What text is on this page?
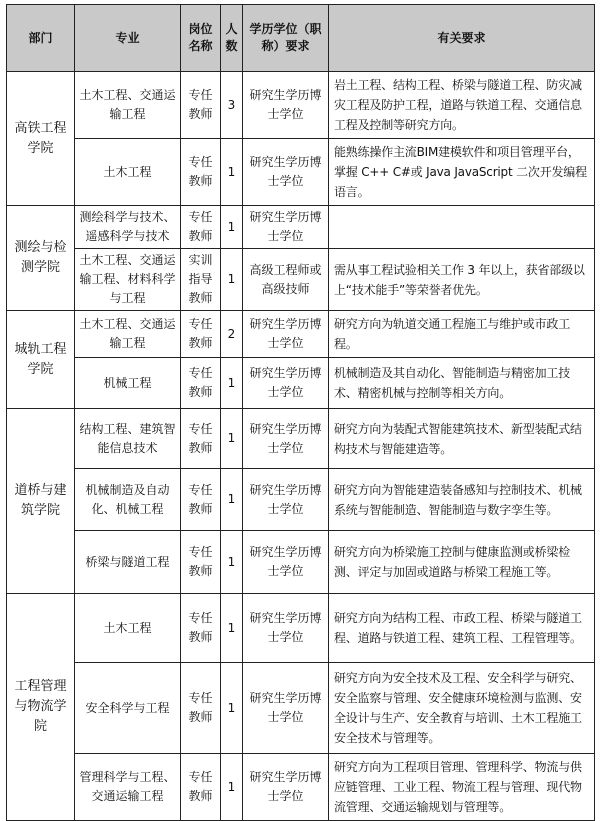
部门	专业	岗位名称	人数	学历学位（职称）要求	有关要求
高铁工程学院	土木工程、交通运输工程	专任教师	3	研究生学历博士学位	岩土工程、结构工程、桥梁与隧道工程、防灾减灾工程及防护工程，道路与铁道工程、交通信息工程及控制等研究方向。
	土木工程	专任教师	1	研究生学历博士学位	能熟练操作主流BIM建模软件和项目管理平台，掌握 C++ C#或 Java JavaScript 二次开发编程语言。
测绘与检测学院	测绘科学与技术、遥感科学与技术	专任教师	1	研究生学历博士学位	
	土木工程、交通运输工程、材料科学与工程	实训指导教师	1	高级工程师或高级技师	需从事工程试验相关工作 3 年以上，获省部级以上“技术能手”等荣誉者优先。
城轨工程学院	土木工程、交通运输工程	专任教师	2	研究生学历博士学位	研究方向为轨道交通工程施工与维护或市政工程。
	机械工程	专任教师	1	研究生学历博士学位	机械制造及其自动化、智能制造与精密加工技术、精密机械与控制等相关方向。
道桥与建筑学院	结构工程、建筑智能信息技术	专任教师	1	研究生学历博士学位	研究方向为装配式智能建筑技术、新型装配式结构技术与智能建造等。
	机械制造及自动化、机械工程	专任教师	1	研究生学历博士学位	研究方向为智能建造装备感知与控制技术、机械系统与智能制造、智能制造与数字孪生等。
	桥梁与隧道工程	专任教师	1	研究生学历博士学位	研究方向为桥梁施工控制与健康监测或桥梁检测、评定与加固或道路与桥梁工程施工等。
工程管理与物流学院	土木工程	专任教师	1	研究生学历博士学位	研究方向为结构工程、市政工程、桥梁与隧道工程、道路与铁道工程、建筑工程、工程管理等。
	安全科学与工程	专任教师	1	研究生学历博士学位	研究方向为安全技术及工程、安全科学与研究、安全监察与管理、安全健康环境检测与监测、安全设计与生产、安全教育与培训、土木工程施工安全技术与管理等。
	管理科学与工程、交通运输工程	专任教师	1	研究生学历博士学位	研究方向为工程项目管理、管理科学、物流与供应链管理、工业工程、物流工程与管理、现代物流管理、交通运输规划与管理等。
